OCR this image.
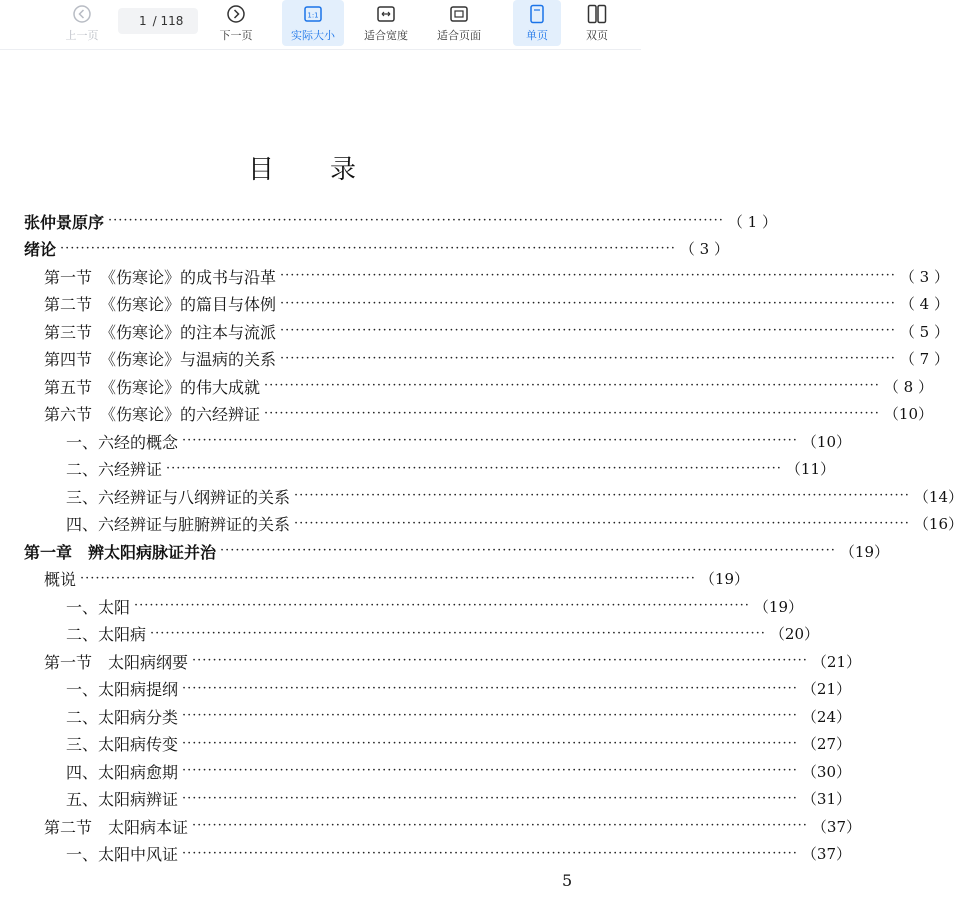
上一页
1 / 118
下一页
1:1
实际大小	适合宽度	适合页面	单页	双页
目录
张仲景原序 ························································································································ （ 1 ）
绪论 ························································································································ （ 3 ）
第一节　《伤寒论》的成书与沿革 ························································································································ （ 3 ）
第二节　《伤寒论》的篇目与体例 ························································································································ （ 4 ）
第三节　《伤寒论》的注本与流派 ························································································································ （ 5 ）
第四节　《伤寒论》与温病的关系 ························································································································ （ 7 ）
第五节　《伤寒论》的伟大成就 ························································································································ （ 8 ）
第六节　《伤寒论》的六经辨证 ························································································································ （10）
一、六经的概念 ························································································································ （10）
二、六经辨证 ························································································································ （11）
三、六经辨证与八纲辨证的关系 ························································································································ （14）
四、六经辨证与脏腑辨证的关系 ························································································································ （16）
第一章　辨太阳病脉证并治 ························································································································ （19）
概说 ························································································································ （19）
一、太阳 ························································································································ （19）
二、太阳病 ························································································································ （20）
第一节　太阳病纲要 ························································································································ （21）
一、太阳病提纲 ························································································································ （21）
二、太阳病分类 ························································································································ （24）
三、太阳病传变 ························································································································ （27）
四、太阳病愈期 ························································································································ （30）
五、太阳病辨证 ························································································································ （31）
第二节　太阳病本证 ························································································································ （37）
一、太阳中风证 ························································································································ （37）
5
